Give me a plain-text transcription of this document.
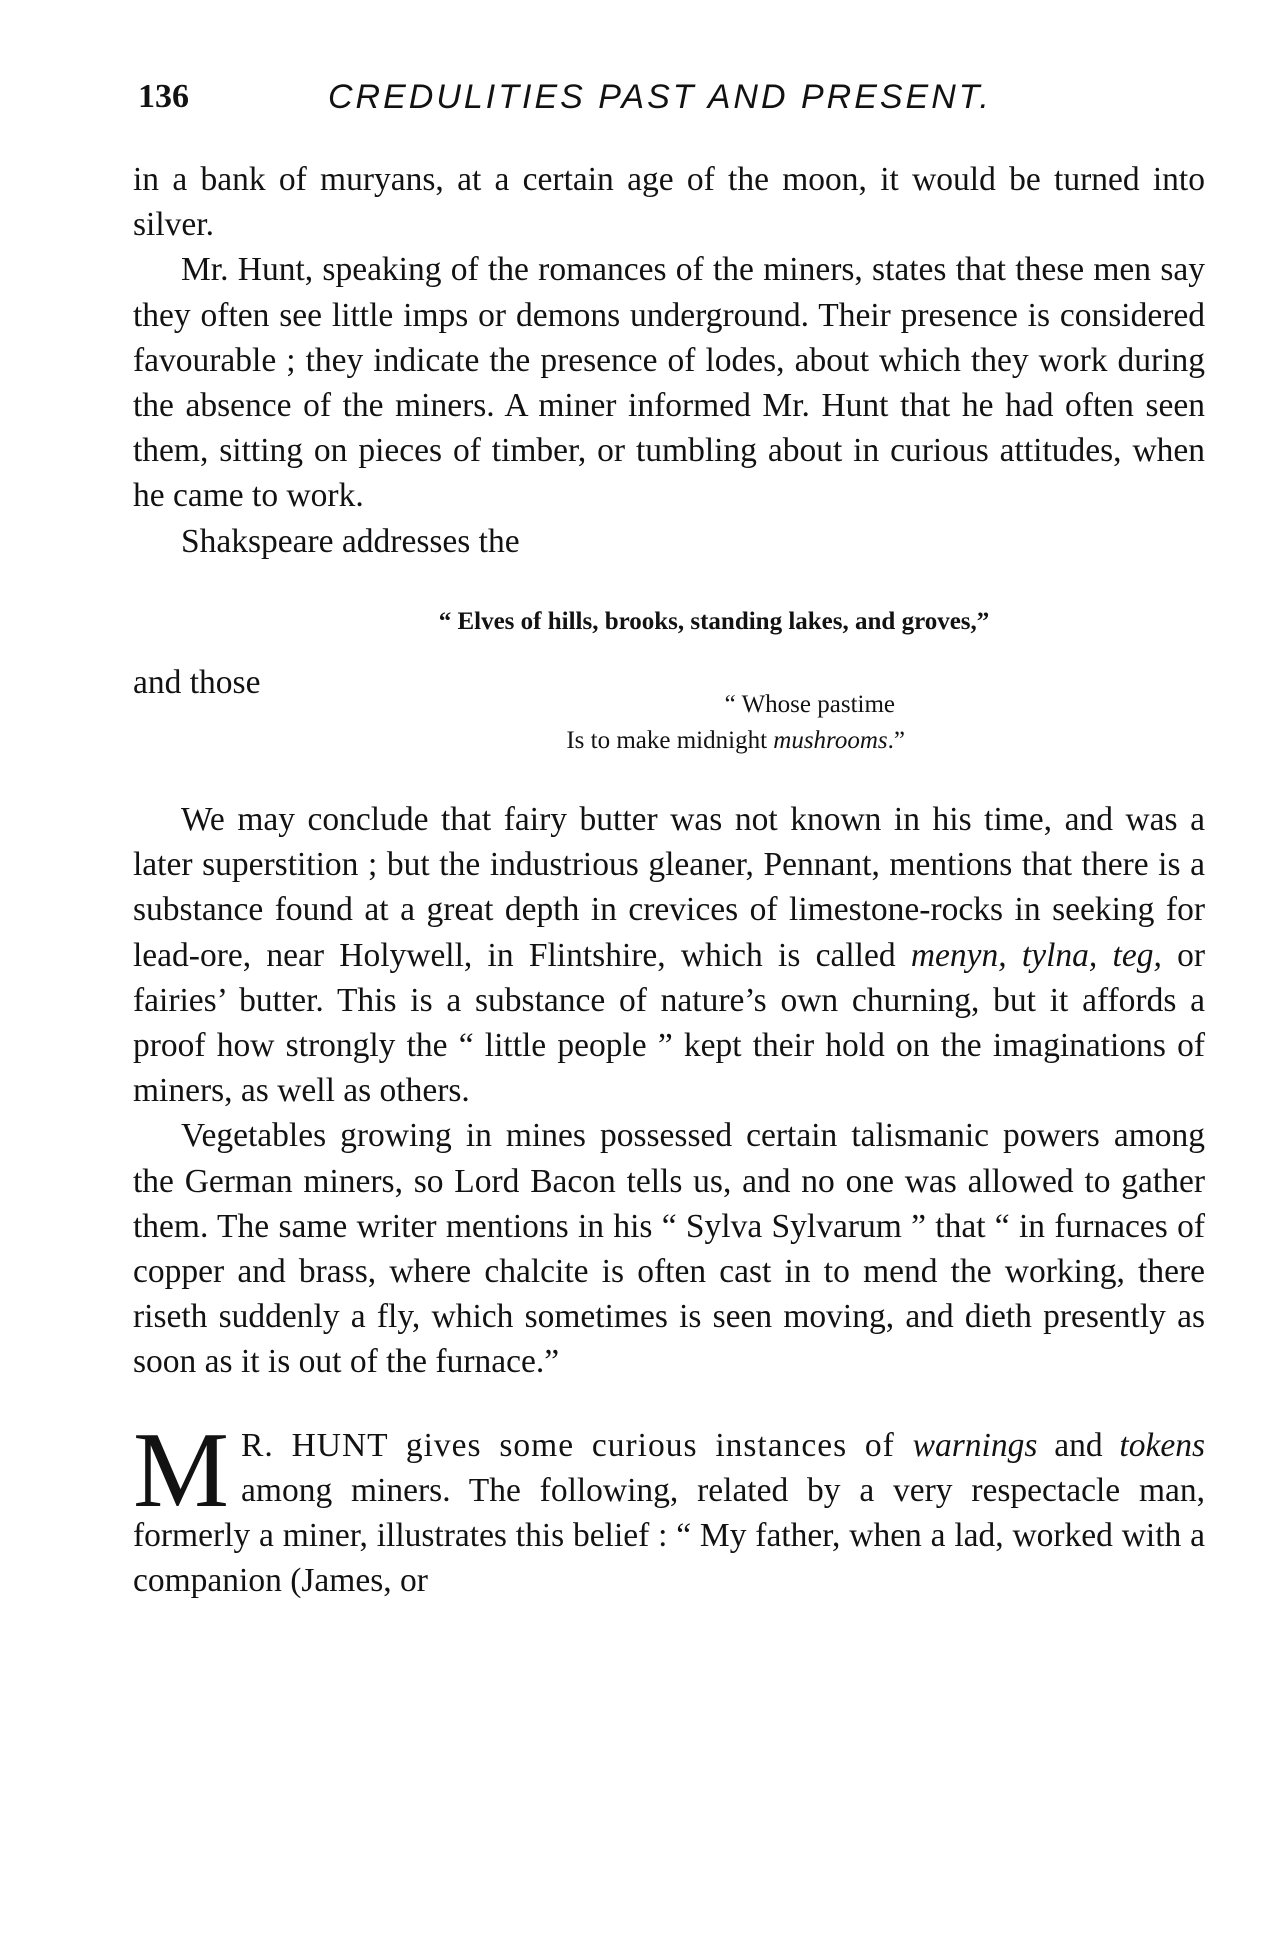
136	CREDULITIES PAST AND PRESENT.

in a bank of muryans, at a certain age of the moon, it would be turned into silver.

Mr. Hunt, speaking of the romances of the miners, states that these men say they often see little imps or demons underground. Their presence is considered favourable ; they indicate the presence of lodes, about which they work during the absence of the miners. A miner informed Mr. Hunt that he had often seen them, sitting on pieces of timber, or tumbling about in curious attitudes, when he came to work.

Shakspeare addresses the

“ Elves of hills, brooks, standing lakes, and groves,”

and those

“ Whose pastime
Is to make midnight mushrooms.”

We may conclude that fairy butter was not known in his time, and was a later superstition ; but the industrious gleaner, Pennant, mentions that there is a substance found at a great depth in crevices of limestone-rocks in seeking for lead-ore, near Holywell, in Flintshire, which is called menyn, tylna, teg, or fairies’ butter. This is a substance of nature’s own churning, but it affords a proof how strongly the “ little people ” kept their hold on the imaginations of miners, as well as others.

Vegetables growing in mines possessed certain talismanic powers among the German miners, so Lord Bacon tells us, and no one was allowed to gather them. The same writer mentions in his “ Sylva Sylvarum ” that “ in furnaces of copper and brass, where chalcite is often cast in to mend the working, there riseth suddenly a fly, which sometimes is seen moving, and dieth presently as soon as it is out of the furnace.”

M R. HUNT gives some curious instances of warnings and tokens among miners. The following, related by a very respectacle man, formerly a miner, illustrates this belief : “ My father, when a lad, worked with a companion (James, or
